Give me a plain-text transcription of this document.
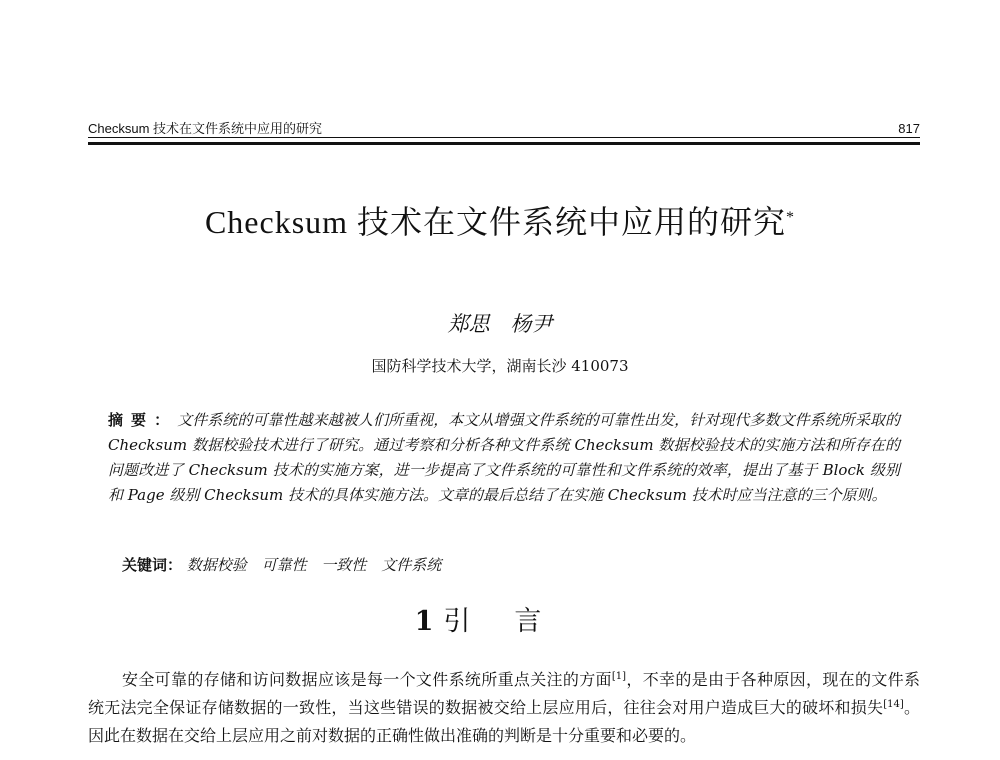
Checksum 技术在文件系统中应用的研究	817
Checksum 技术在文件系统中应用的研究*
郑思 杨尹
国防科学技术大学，湖南长沙 410073
摘要：文件系统的可靠性越来越被人们所重视，本文从增强文件系统的可靠性出发，针对现代多数文件系统所采取的 Checksum 数据校验技术进行了研究。通过考察和分析各种文件系统 Checksum 数据校验技术的实施方法和所存在的问题改进了 Checksum 技术的实施方案，进一步提高了文件系统的可靠性和文件系统的效率，提出了基于 Block 级别和 Page 级别 Checksum 技术的具体实施方法。文章的最后总结了在实施 Checksum 技术时应当注意的三个原则。
关键词： 数据校验 可靠性 一致性 文件系统
1 引言
安全可靠的存储和访问数据应该是每一个文件系统所重点关注的方面[1]，不幸的是由于各种原因，现在的文件系统无法完全保证存储数据的一致性，当这些错误的数据被交给上层应用后，往往会对用户造成巨大的破坏和损失[14]。因此在数据在交给上层应用之前对数据的正确性做出准确的判断是十分重要和必要的。
